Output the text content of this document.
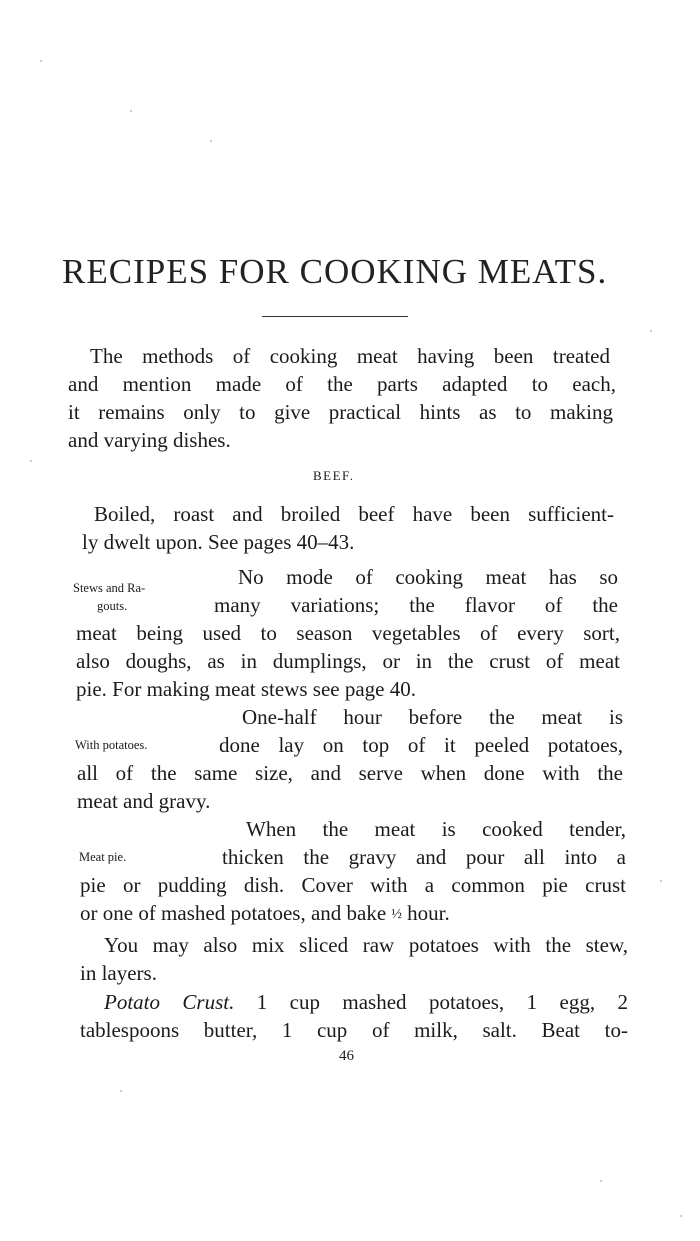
RECIPES FOR COOKING MEATS.
The methods of cooking meat having been treated
and mention made of the parts adapted to each,
it remains only to give practical hints as to making
and varying dishes.
BEEF.
Boiled, roast and broiled beef have been sufficient-
ly dwelt upon. See pages 40–43.
Stews and Ra-
gouts.
No mode of cooking meat has so
many variations; the flavor of the
meat being used to season vegetables of every sort,
also doughs, as in dumplings, or in the crust of meat
pie. For making meat stews see page 40.
With potatoes.
One-half hour before the meat is
done lay on top of it peeled potatoes,
all of the same size, and serve when done with the
meat and gravy.
Meat pie.
When the meat is cooked tender,
thicken the gravy and pour all into a
pie or pudding dish. Cover with a common pie crust
or one of mashed potatoes, and bake ½ hour.
You may also mix sliced raw potatoes with the stew,
in layers.
Potato Crust. 1 cup mashed potatoes, 1 egg, 2
tablespoons butter, 1 cup of milk, salt. Beat to-
46
